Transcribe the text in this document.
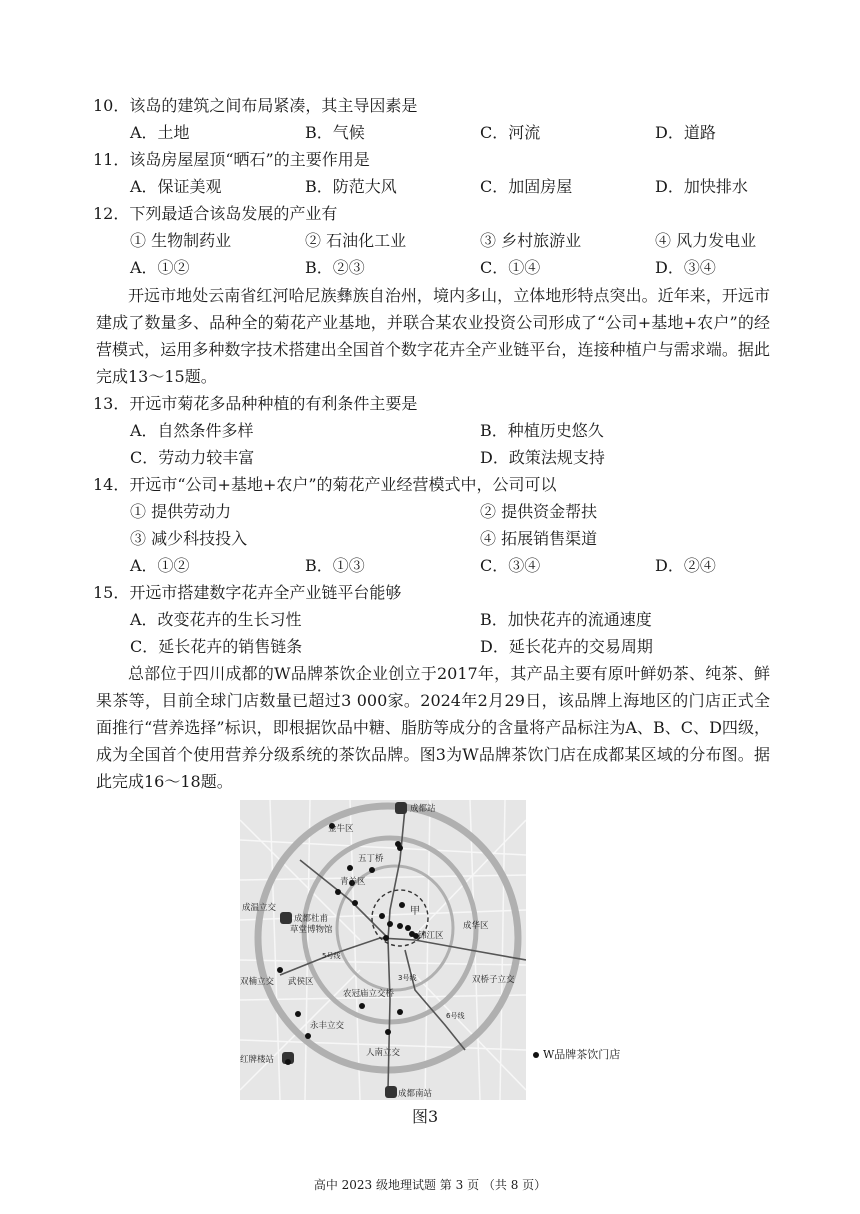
10．该岛的建筑之间布局紧凑，其主导因素是
A．土地	B．气候	C．河流	D．道路
11．该岛房屋屋顶“晒石”的主要作用是
A．保证美观	B．防范大风	C．加固房屋	D．加快排水
12．下列最适合该岛发展的产业有
① 生物制药业	② 石油化工业	③ 乡村旅游业	④ 风力发电业
A．①②	B．②③	C．①④	D．③④
开远市地处云南省红河哈尼族彝族自治州，境内多山，立体地形特点突出。近年来，开远市建成了数量多、品种全的菊花产业基地，并联合某农业投资公司形成了“公司+基地+农户”的经营模式，运用多种数字技术搭建出全国首个数字花卉全产业链平台，连接种植户与需求端。据此完成13～15题。
13．开远市菊花多品种种植的有利条件主要是
A．自然条件多样	B．种植历史悠久
C．劳动力较丰富	D．政策法规支持
14．开远市“公司+基地+农户”的菊花产业经营模式中，公司可以
① 提供劳动力	② 提供资金帮扶
③ 减少科技投入	④ 拓展销售渠道
A．①②	B．①③	C．③④	D．②④
15．开远市搭建数字花卉全产业链平台能够
A．改变花卉的生长习性	B．加快花卉的流通速度
C．延长花卉的销售链条	D．延长花卉的交易周期
总部位于四川成都的W品牌茶饮企业创立于2017年，其产品主要有原叶鲜奶茶、纯茶、鲜果茶等，目前全球门店数量已超过3 000家。2024年2月29日，该品牌上海地区的门店正式全面推行“营养选择”标识，即根据饮品中糖、脂肪等成分的含量将产品标注为A、B、C、D四级，成为全国首个使用营养分级系统的茶饮品牌。图3为W品牌茶饮门店在成都某区域的分布图。据此完成16～18题。
成都站
金牛区
五丁桥
青羊区
成温立交
成都杜甫
草堂博物馆
甲
锦江区
成华区
5号线
3号线
6号线
双楠立交 武侯区	双桥子立交
农冠庙立交桥
永丰立交
红牌楼站
人南立交
成都南站
W品牌茶饮门店
图3
高中 2023 级地理试题 第 3 页 （共 8 页）
